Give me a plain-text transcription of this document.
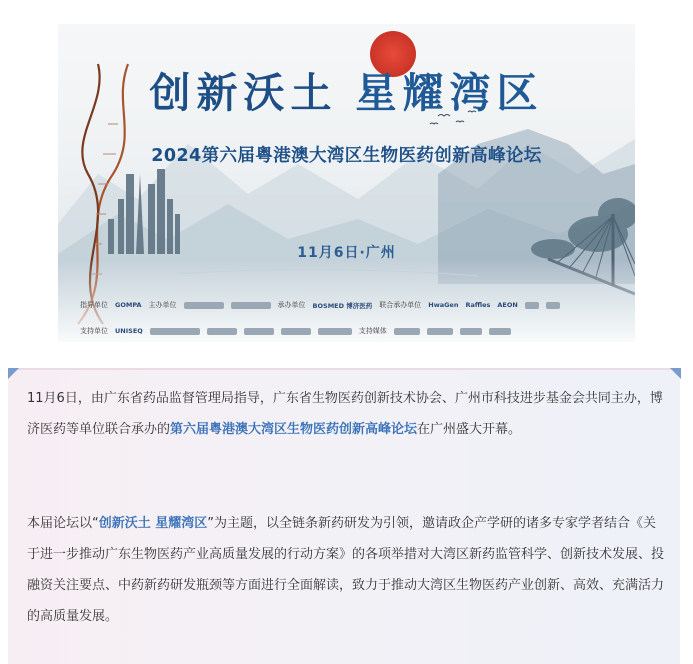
创新沃土 星耀湾区
2024第六届粤港澳大湾区生物医药创新高峰论坛
11月6日·广州
指导单位 GOMPA 主办单位	承办单位 BOSMED 博济医药 联合承办单位 HwaGen Raffles AEON
支持单位 UNISEQ	支持媒体

11月6日，由广东省药品监督管理局指导，广东省生物医药创新技术协会、广州市科技进步基金会共同主办，博济医药等单位联合承办的第六届粤港澳大湾区生物医药创新高峰论坛在广州盛大开幕。

本届论坛以“创新沃土 星耀湾区”为主题，以全链条新药研发为引领，邀请政企产学研的诸多专家学者结合《关于进一步推动广东生物医药产业高质量发展的行动方案》的各项举措对大湾区新药监管科学、创新技术发展、投融资关注要点、中药新药研发瓶颈等方面进行全面解读，致力于推动大湾区生物医药产业创新、高效、充满活力的高质量发展。
